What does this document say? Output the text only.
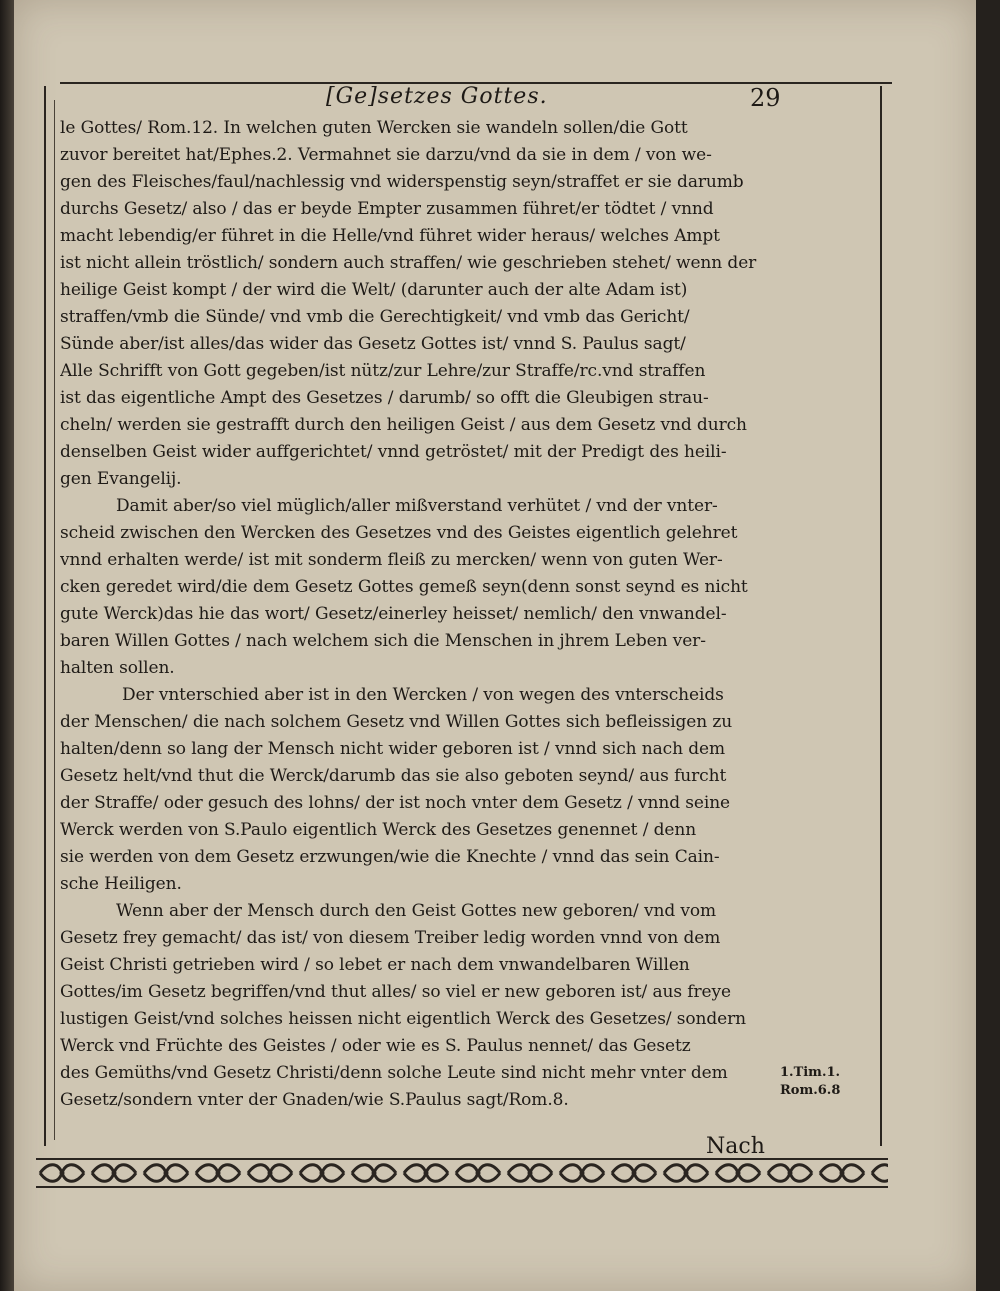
[Ge]setzes Gottes.	29
le Gottes/ Rom.12. In welchen guten Wercken sie wandeln sollen/die Gott
zuvor bereitet hat/Ephes.2. Vermahnet sie darzu/vnd da sie in dem / von we-
gen des Fleisches/faul/nachlessig vnd widerspenstig seyn/straffet er sie darumb
durchs Gesetz/ also / das er beyde Empter zusammen führet/er tödtet / vnnd
macht lebendig/er führet in die Helle/vnd führet wider heraus/ welches Ampt
ist nicht allein tröstlich/ sondern auch straffen/ wie geschrieben stehet/ wenn der
heilige Geist kompt / der wird die Welt/ (darunter auch der alte Adam ist)
straffen/vmb die Sünde/ vnd vmb die Gerechtigkeit/ vnd vmb das Gericht/
Sünde aber/ist alles/das wider das Gesetz Gottes ist/ vnnd S. Paulus sagt/
Alle Schrifft von Gott gegeben/ist nütz/zur Lehre/zur Straffe/rc.vnd straffen
ist das eigentliche Ampt des Gesetzes / darumb/ so offt die Gleubigen strau-
cheln/ werden sie gestrafft durch den heiligen Geist / aus dem Gesetz vnd durch
denselben Geist wider auffgerichtet/ vnnd getröstet/ mit der Predigt des heili-
gen Evangelij.
Damit aber/so viel müglich/aller mißverstand verhütet / vnd der vnter-
scheid zwischen den Wercken des Gesetzes vnd des Geistes eigentlich gelehret
vnnd erhalten werde/ ist mit sonderm fleiß zu mercken/ wenn von guten Wer-
cken geredet wird/die dem Gesetz Gottes gemeß seyn(denn sonst seynd es nicht
gute Werck)das hie das wort/ Gesetz/einerley heisset/ nemlich/ den vnwandel-
baren Willen Gottes / nach welchem sich die Menschen in jhrem Leben ver-
halten sollen.
Der vnterschied aber ist in den Wercken / von wegen des vnterscheids
der Menschen/ die nach solchem Gesetz vnd Willen Gottes sich befleissigen zu
halten/denn so lang der Mensch nicht wider geboren ist / vnnd sich nach dem
Gesetz helt/vnd thut die Werck/darumb das sie also geboten seynd/ aus furcht
der Straffe/ oder gesuch des lohns/ der ist noch vnter dem Gesetz / vnnd seine
Werck werden von S.Paulo eigentlich Werck des Gesetzes genennet / denn
sie werden von dem Gesetz erzwungen/wie die Knechte / vnnd das sein Cain-
sche Heiligen.
Wenn aber der Mensch durch den Geist Gottes new geboren/ vnd vom
Gesetz frey gemacht/ das ist/ von diesem Treiber ledig worden vnnd von dem
Geist Christi getrieben wird / so lebet er nach dem vnwandelbaren Willen
Gottes/im Gesetz begriffen/vnd thut alles/ so viel er new geboren ist/ aus freye
lustigen Geist/vnd solches heissen nicht eigentlich Werck des Gesetzes/ sondern
Werck vnd Früchte des Geistes / oder wie es S. Paulus nennet/ das Gesetz
des Gemüths/vnd Gesetz Christi/denn solche Leute sind nicht mehr vnter dem
Gesetz/sondern vnter der Gnaden/wie S.Paulus sagt/Rom.8.
1.Tim.1.
Rom.6.8
Nach
